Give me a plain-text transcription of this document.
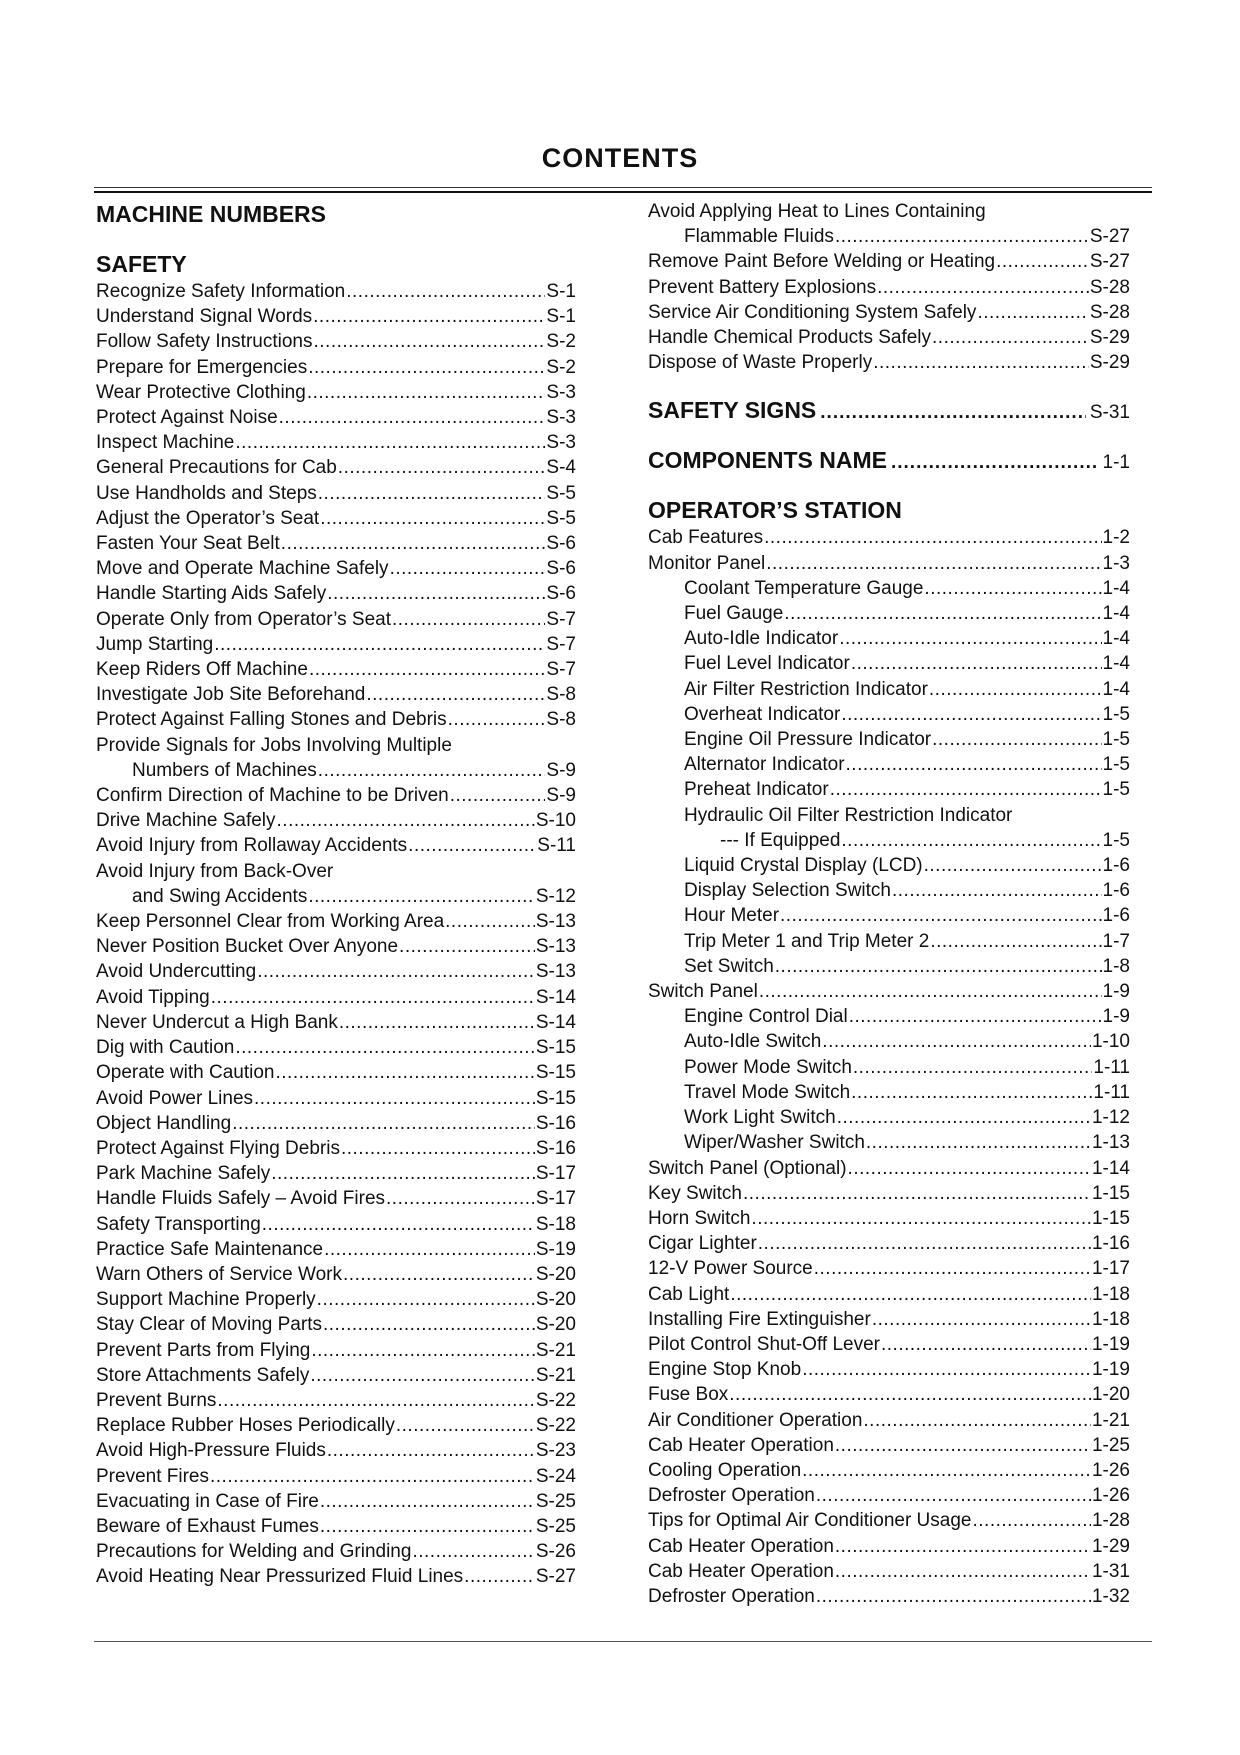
CONTENTS
MACHINE NUMBERS
SAFETY
Recognize Safety Information .....	S-1
Understand Signal Words .....	S-1
Follow Safety Instructions .....	S-2
Prepare for Emergencies .....	S-2
Wear Protective Clothing .....	S-3
Protect Against Noise .....	S-3
Inspect Machine .....	S-3
General Precautions for Cab .....	S-4
Use Handholds and Steps .....	S-5
Adjust the Operator’s Seat .....	S-5
Fasten Your Seat Belt .....	S-6
Move and Operate Machine Safely .....	S-6
Handle Starting Aids Safely .....	S-6
Operate Only from Operator’s Seat .....	S-7
Jump Starting .....	S-7
Keep Riders Off Machine .....	S-7
Investigate Job Site Beforehand .....	S-8
Protect Against Falling Stones and Debris .....	S-8
Provide Signals for Jobs Involving Multiple
Numbers of Machines .....	S-9
Confirm Direction of Machine to be Driven .....	S-9
Drive Machine Safely .....	S-10
Avoid Injury from Rollaway Accidents .....	S-11
Avoid Injury from Back-Over
and Swing Accidents .....	S-12
Keep Personnel Clear from Working Area .....	S-13
Never Position Bucket Over Anyone .....	S-13
Avoid Undercutting .....	S-13
Avoid Tipping .....	S-14
Never Undercut a High Bank .....	S-14
Dig with Caution .....	S-15
Operate with Caution .....	S-15
Avoid Power Lines .....	S-15
Object Handling .....	S-16
Protect Against Flying Debris .....	S-16
Park Machine Safely .....	S-17
Handle Fluids Safely – Avoid Fires .....	S-17
Safety Transporting .....	S-18
Practice Safe Maintenance .....	S-19
Warn Others of Service Work .....	S-20
Support Machine Properly .....	S-20
Stay Clear of Moving Parts .....	S-20
Prevent Parts from Flying .....	S-21
Store Attachments Safely .....	S-21
Prevent Burns .....	S-22
Replace Rubber Hoses Periodically .....	S-22
Avoid High-Pressure Fluids .....	S-23
Prevent Fires .....	S-24
Evacuating in Case of Fire .....	S-25
Beware of Exhaust Fumes .....	S-25
Precautions for Welding and Grinding .....	S-26
Avoid Heating Near Pressurized Fluid Lines .....	S-27
Avoid Applying Heat to Lines Containing
Flammable Fluids .....	S-27
Remove Paint Before Welding or Heating .....	S-27
Prevent Battery Explosions .....	S-28
Service Air Conditioning System Safely .....	S-28
Handle Chemical Products Safely .....	S-29
Dispose of Waste Properly .....	S-29
SAFETY SIGNS .....	S-31
COMPONENTS NAME .....	1-1
OPERATOR’S STATION
Cab Features .....	1-2
Monitor Panel .....	1-3
Coolant Temperature Gauge .....	1-4
Fuel Gauge .....	1-4
Auto-Idle Indicator .....	1-4
Fuel Level Indicator .....	1-4
Air Filter Restriction Indicator .....	1-4
Overheat Indicator .....	1-5
Engine Oil Pressure Indicator .....	1-5
Alternator Indicator .....	1-5
Preheat Indicator .....	1-5
Hydraulic Oil Filter Restriction Indicator
--- If Equipped .....	1-5
Liquid Crystal Display (LCD) .....	1-6
Display Selection Switch .....	1-6
Hour Meter .....	1-6
Trip Meter 1 and Trip Meter 2 .....	1-7
Set Switch .....	1-8
Switch Panel .....	1-9
Engine Control Dial .....	1-9
Auto-Idle Switch .....	1-10
Power Mode Switch .....	1-11
Travel Mode Switch .....	1-11
Work Light Switch .....	1-12
Wiper/Washer Switch .....	1-13
Switch Panel (Optional) .....	1-14
Key Switch .....	1-15
Horn Switch .....	1-15
Cigar Lighter .....	1-16
12-V Power Source .....	1-17
Cab Light .....	1-18
Installing Fire Extinguisher .....	1-18
Pilot Control Shut-Off Lever .....	1-19
Engine Stop Knob .....	1-19
Fuse Box .....	1-20
Air Conditioner Operation .....	1-21
Cab Heater Operation .....	1-25
Cooling Operation .....	1-26
Defroster Operation .....	1-26
Tips for Optimal Air Conditioner Usage .....	1-28
Cab Heater Operation .....	1-29
Cab Heater Operation .....	1-31
Defroster Operation .....	1-32
